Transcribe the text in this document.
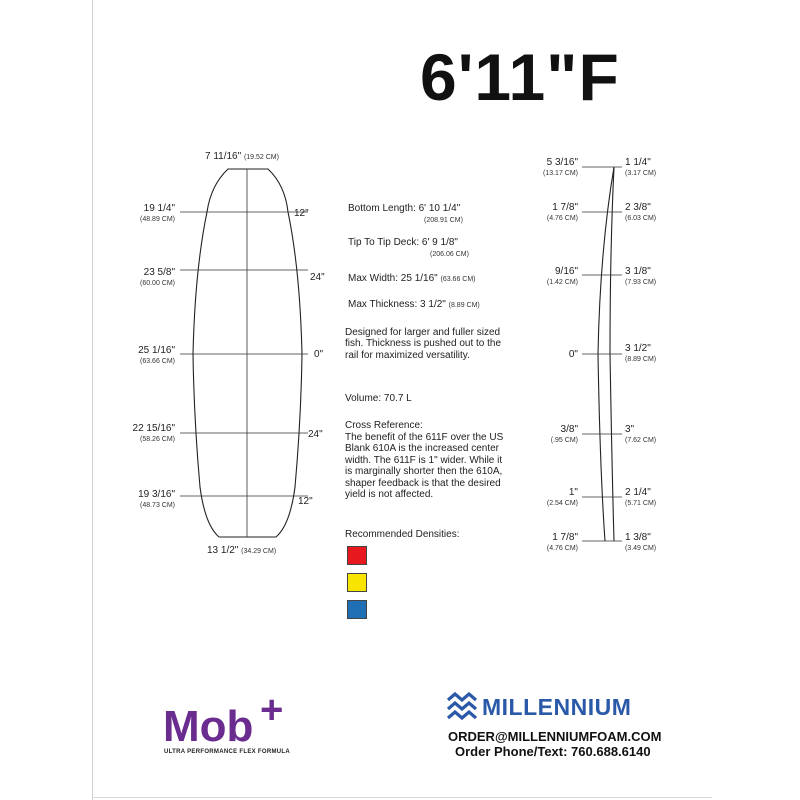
6'11"F
7 11/16" (19.52 CM)
13 1/2" (34.29 CM)
19 1/4"
(48.89 CM)
12"
23 5/8"
(60.00 CM)
24"
25 1/16"
(63.66 CM)
0"
22 15/16"
(58.26 CM)	24"
19 3/16"
(48.73 CM)	12"
Bottom Length: 6' 10 1/4"
(208.91 CM)
Tip To Tip Deck: 6' 9 1/8"
(206.06 CM)
Max Width: 25 1/16" (63.66 CM)
Max Thickness: 3 1/2" (8.89 CM)
Designed for larger and fuller sized fish. Thickness is pushed out to the rail for maximized versatility.
Volume: 70.7 L
Cross Reference:
The benefit of the 611F over the US Blank 610A is the increased center width. The 611F is 1" wider. While it is marginally shorter then the 610A, shaper feedback is that the desired yield is not affected.
Recommended Densities:
5 3/16"
(13.17 CM)
1 7/8"
(4.76 CM)
9/16"
(1.42 CM)
0"
3/8"
(.95 CM)
1"
(2.54 CM)
1 7/8"
(4.76 CM)
1 1/4"
(3.17 CM)
2 3/8"
(6.03 CM)
3 1/8"
(7.93 CM)
3 1/2"
(8.89 CM)
3"
(7.62 CM)
2 1/4"
(5.71 CM)
1 3/8"
(3.49 CM)
Mob +
ULTRA PERFORMANCE FLEX FORMULA
MILLENNIUM
ORDER@MILLENNIUMFOAM.COM
Order Phone/Text: 760.688.6140
